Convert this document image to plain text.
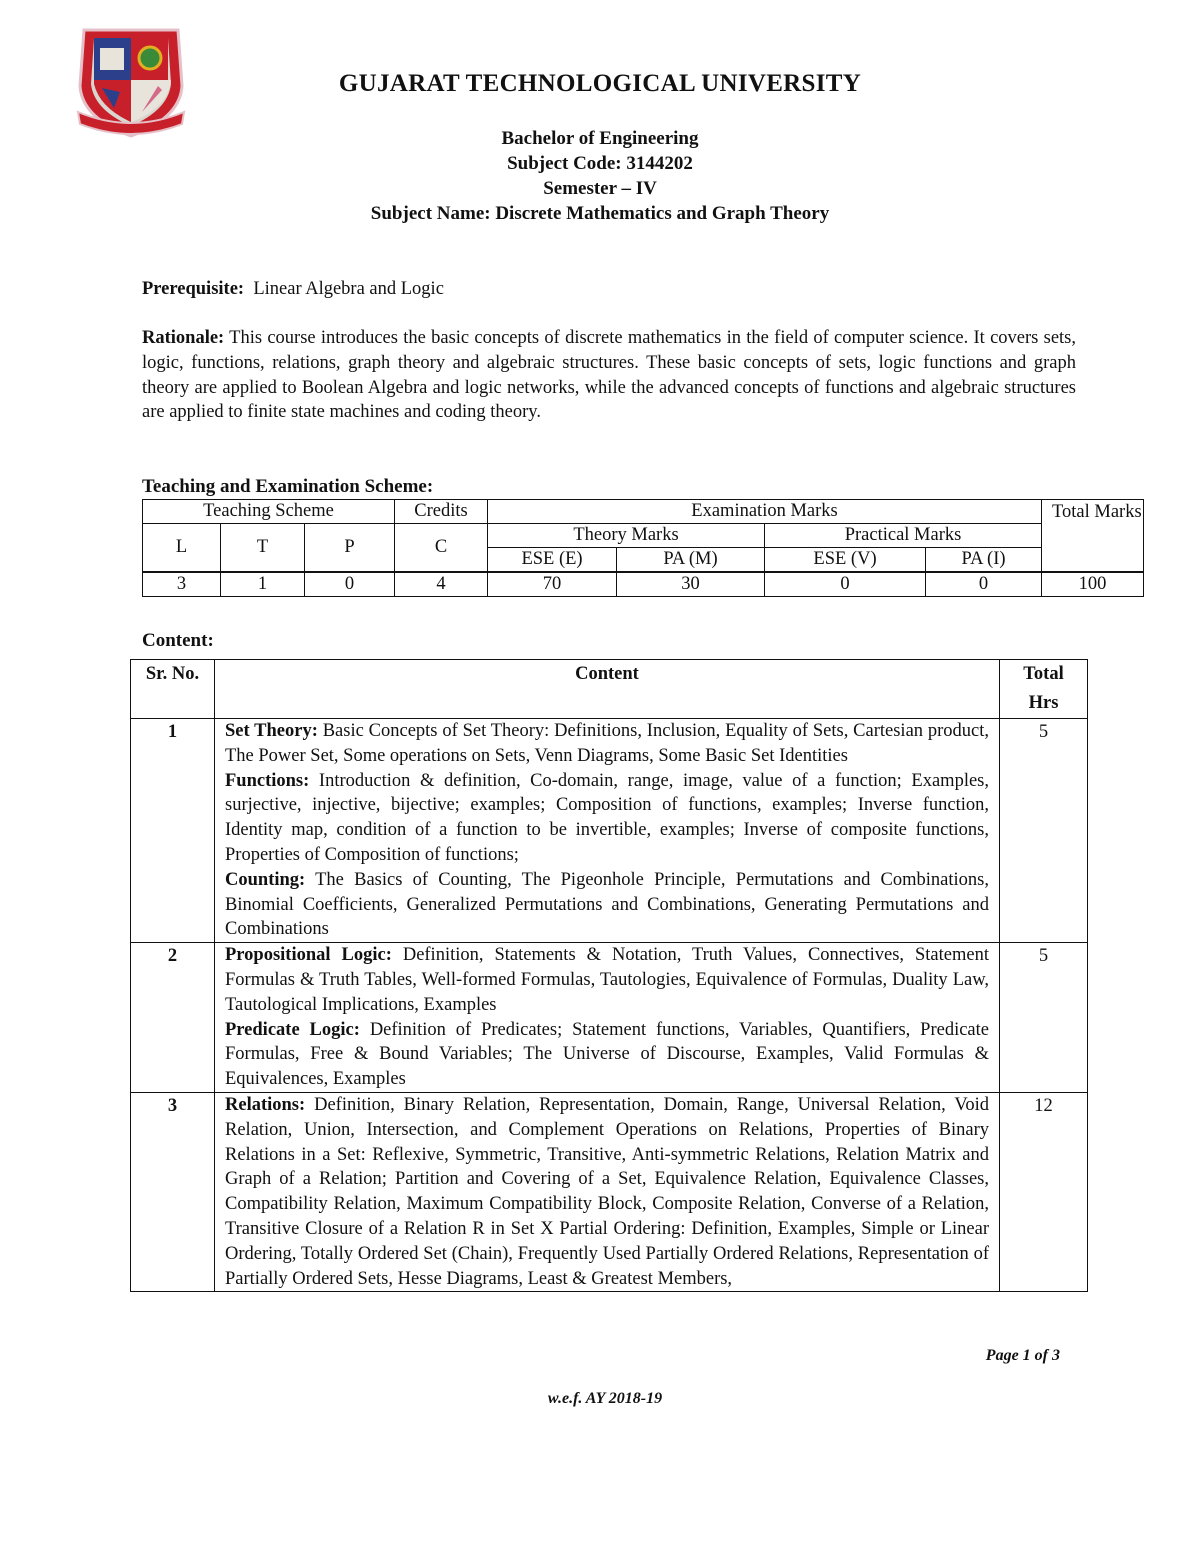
GUJARAT TECHNOLOGICAL UNIVERSITY
Bachelor of Engineering
Subject Code: 3144202
Semester – IV
Subject Name: Discrete Mathematics and Graph Theory
Prerequisite: Linear Algebra and Logic
Rationale: This course introduces the basic concepts of discrete mathematics in the field of computer science. It covers sets, logic, functions, relations, graph theory and algebraic structures. These basic concepts of sets, logic functions and graph theory are applied to Boolean Algebra and logic networks, while the advanced concepts of functions and algebraic structures are applied to finite state machines and coding theory.
Teaching and Examination Scheme:
Teaching Scheme			Credits	Examination Marks				Total Marks
L	T	P	C	Theory Marks		Practical Marks		
				ESE (E)	PA (M)	ESE (V)	PA (I)	

3	1	0	4	70	30	0	0	100
Content:
Sr. No.	Content	Total Hrs
1	Set Theory: Basic Concepts of Set Theory: Definitions, Inclusion, Equality of Sets, Cartesian product, The Power Set, Some operations on Sets, Venn Diagrams, Some Basic Set Identities

Functions: Introduction & definition, Co-domain, range, image, value of a function; Examples, surjective, injective, bijective; examples; Composition of functions, examples; Inverse function, Identity map, condition of a function to be invertible, examples; Inverse of composite functions, Properties of Composition of functions;

Counting: The Basics of Counting, The Pigeonhole Principle, Permutations and Combinations, Binomial Coefficients, Generalized Permutations and Combinations, Generating Permutations and Combinations	5
2	Propositional Logic: Definition, Statements & Notation, Truth Values, Connectives, Statement Formulas & Truth Tables, Well-formed Formulas, Tautologies, Equivalence of Formulas, Duality Law, Tautological Implications, Examples

Predicate Logic: Definition of Predicates; Statement functions, Variables, Quantifiers, Predicate Formulas, Free & Bound Variables; The Universe of Discourse, Examples, Valid Formulas & Equivalences, Examples	5
3	Relations: Definition, Binary Relation, Representation, Domain, Range, Universal Relation, Void Relation, Union, Intersection, and Complement Operations on Relations, Properties of Binary Relations in a Set: Reflexive, Symmetric, Transitive, Anti-symmetric Relations, Relation Matrix and Graph of a Relation; Partition and Covering of a Set, Equivalence Relation, Equivalence Classes, Compatibility Relation, Maximum Compatibility Block, Composite Relation, Converse of a Relation, Transitive Closure of a Relation R in Set X Partial Ordering: Definition, Examples, Simple or Linear Ordering, Totally Ordered Set (Chain), Frequently Used Partially Ordered Relations, Representation of Partially Ordered Sets, Hesse Diagrams, Least & Greatest Members,	12
Page 1 of 3
w.e.f. AY 2018-19
